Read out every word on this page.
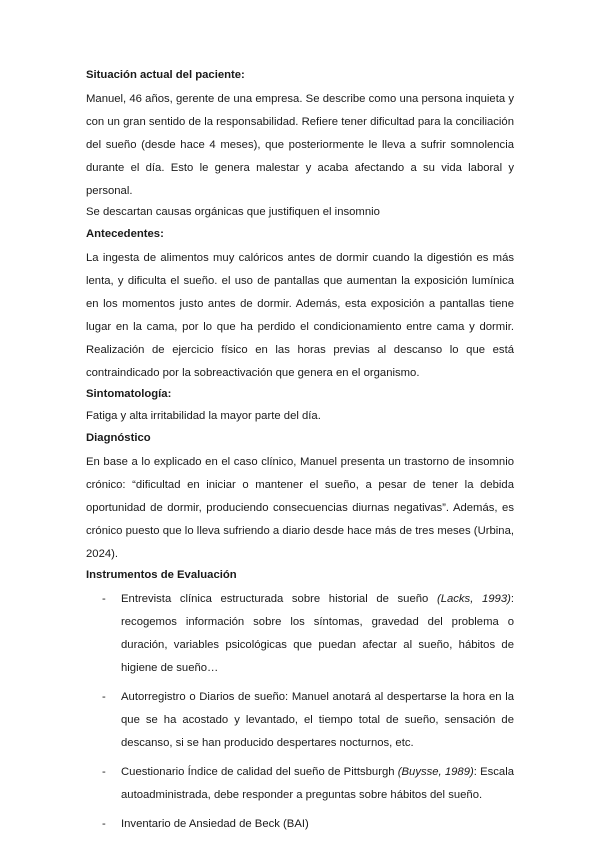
Situación actual del paciente:

Manuel, 46 años, gerente de una empresa. Se describe como una persona inquieta y con un gran sentido de la responsabilidad. Refiere tener dificultad para la conciliación del sueño (desde hace 4 meses), que posteriormente le lleva a sufrir somnolencia durante el día. Esto le genera malestar y acaba afectando a su vida laboral y personal.

Se descartan causas orgánicas que justifiquen el insomnio

Antecedentes:

La ingesta de alimentos muy calóricos antes de dormir cuando la digestión es más lenta, y dificulta el sueño. el uso de pantallas que aumentan la exposición lumínica en los momentos justo antes de dormir. Además, esta exposición a pantallas tiene lugar en la cama, por lo que ha perdido el condicionamiento entre cama y dormir. Realización de ejercicio físico en las horas previas al descanso lo que está contraindicado por la sobreactivación que genera en el organismo.

Sintomatología:

Fatiga y alta irritabilidad la mayor parte del día.

Diagnóstico

En base a lo explicado en el caso clínico, Manuel presenta un trastorno de insomnio crónico: “dificultad en iniciar o mantener el sueño, a pesar de tener la debida oportunidad de dormir, produciendo consecuencias diurnas negativas”. Además, es crónico puesto que lo lleva sufriendo a diario desde hace más de tres meses (Urbina, 2024).

Instrumentos de Evaluación
- Entrevista clínica estructurada sobre historial de sueño (Lacks, 1993): recogemos información sobre los síntomas, gravedad del problema o duración, variables psicológicas que puedan afectar al sueño, hábitos de higiene de sueño…
- Autorregistro o Diarios de sueño: Manuel anotará al despertarse la hora en la que se ha acostado y levantado, el tiempo total de sueño, sensación de descanso, si se han producido despertares nocturnos, etc.
- Cuestionario Índice de calidad del sueño de Pittsburgh (Buysse, 1989): Escala autoadministrada, debe responder a preguntas sobre hábitos del sueño.
- Inventario de Ansiedad de Beck (BAI)
